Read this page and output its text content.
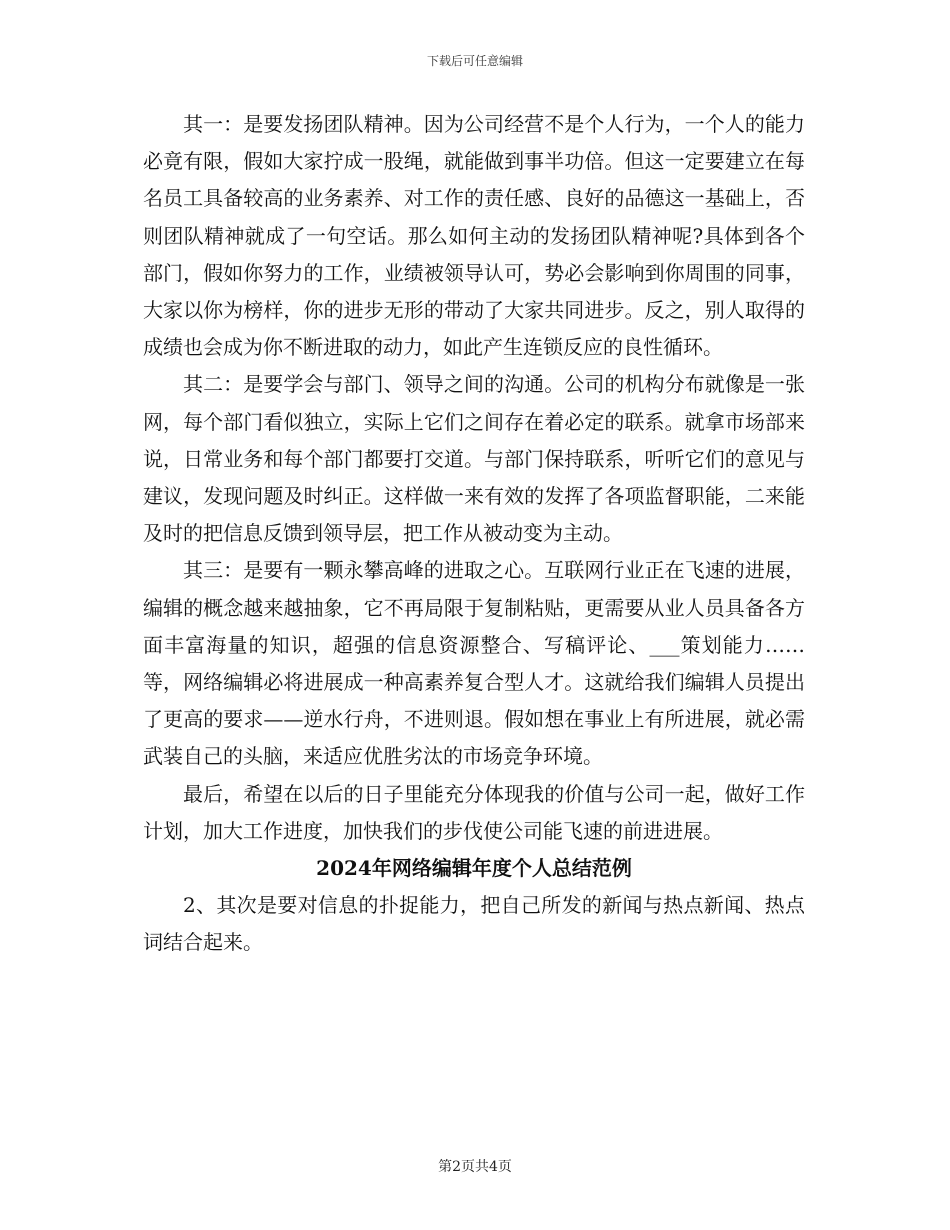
下载后可任意编辑

其一：是要发扬团队精神。因为公司经营不是个人行为，一个人的能力必竟有限，假如大家拧成一股绳，就能做到事半功倍。但这一定要建立在每名员工具备较高的业务素养、对工作的责任感、良好的品德这一基础上，否则团队精神就成了一句空话。那么如何主动的发扬团队精神呢?具体到各个部门，假如你努力的工作，业绩被领导认可，势必会影响到你周围的同事，大家以你为榜样，你的进步无形的带动了大家共同进步。反之，别人取得的成绩也会成为你不断进取的动力，如此产生连锁反应的良性循环。

其二：是要学会与部门、领导之间的沟通。公司的机构分布就像是一张网，每个部门看似独立，实际上它们之间存在着必定的联系。就拿市场部来说，日常业务和每个部门都要打交道。与部门保持联系，听听它们的意见与建议，发现问题及时纠正。这样做一来有效的发挥了各项监督职能，二来能及时的把信息反馈到领导层，把工作从被动变为主动。

其三：是要有一颗永攀高峰的进取之心。互联网行业正在飞速的进展，编辑的概念越来越抽象，它不再局限于复制粘贴，更需要从业人员具备各方面丰富海量的知识，超强的信息资源整合、写稿评论、___策划能力……等，网络编辑必将进展成一种高素养复合型人才。这就给我们编辑人员提出了更高的要求——逆水行舟，不进则退。假如想在事业上有所进展，就必需武装自己的头脑，来适应优胜劣汰的市场竞争环境。

最后，希望在以后的日子里能充分体现我的价值与公司一起，做好工作计划，加大工作进度，加快我们的步伐使公司能飞速的前进进展。

2024年网络编辑年度个人总结范例

2、其次是要对信息的扑捉能力，把自己所发的新闻与热点新闻、热点词结合起来。

第2页共4页
